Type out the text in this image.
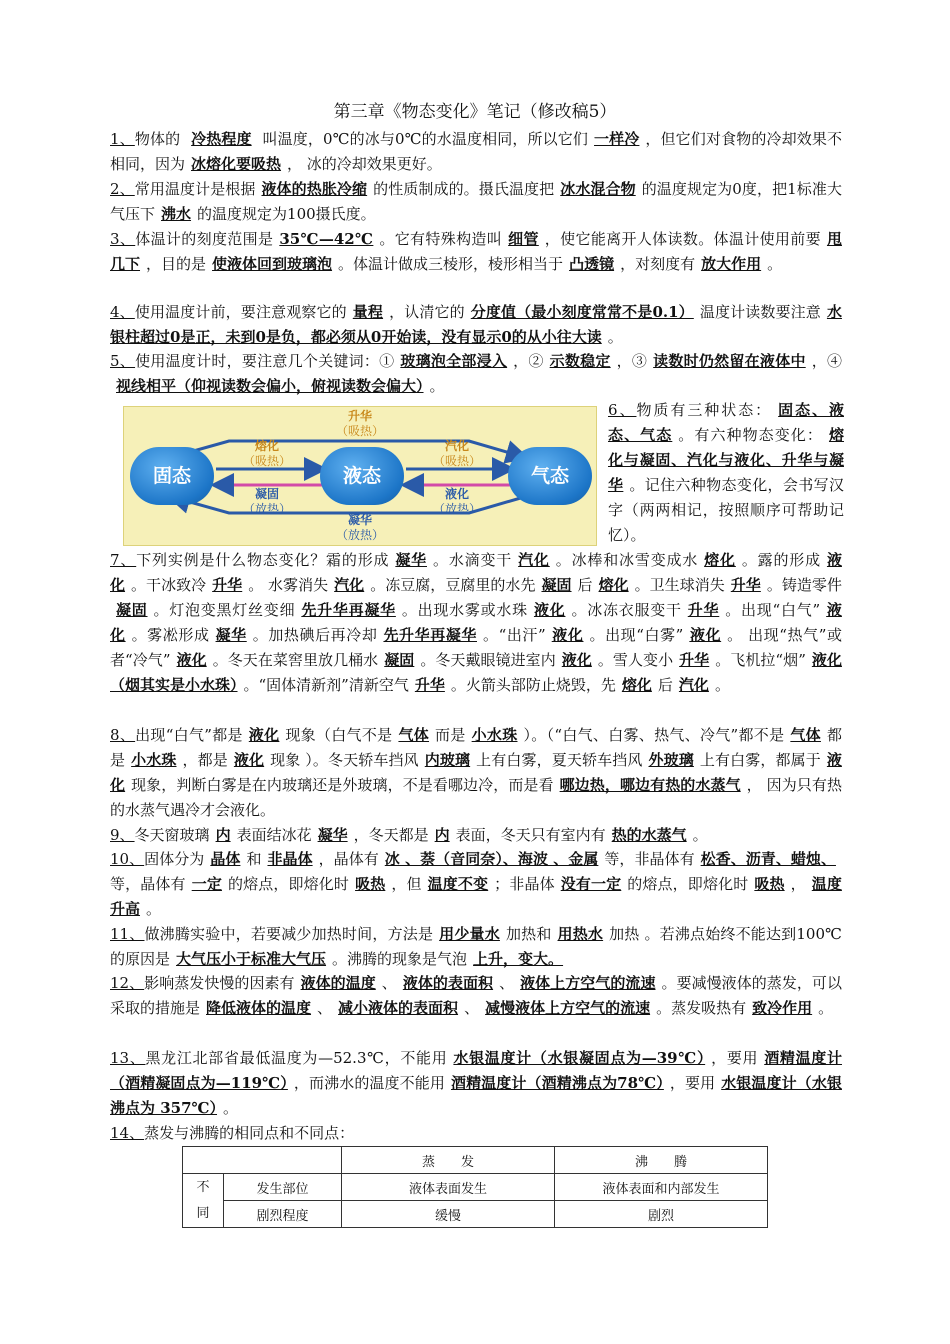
第三章《物态变化》笔记（修改稿5）
1、物体的 冷热程度 叫温度，0℃的冰与0℃的水温度相同，所以它们 一样冷 ，但它们对食物的冷却效果不相同，因为 冰熔化要吸热 ， 冰的冷却效果更好。
2、常用温度计是根据 液体的热胀冷缩 的性质制成的。摄氏温度把 冰水混合物 的温度规定为0度，把1标准大气压下 沸水 的温度规定为100摄氏度。
3、体温计的刻度范围是 35℃—42℃ 。它有特殊构造叫 细管 ，使它能离开人体读数。体温计使用前要 甩几下 ，目的是 使液体回到玻璃泡 。体温计做成三棱形，棱形相当于 凸透镜 ，对刻度有 放大作用 。
4、使用温度计前，要注意观察它的 量程 ，认清它的 分度值（最小刻度常常不是0.1） 温度计读数要注意 水银柱超过0是正，未到0是负，都必须从0开始读，没有显示0的从小往大读 。
5、使用温度计时，要注意几个关键词：① 玻璃泡全部浸入 ，② 示数稳定 ，③ 读数时仍然留在液体中 ，④视线相平（仰视读数会偏小，俯视读数会偏大） 。
6、物质有三种状态： 固态、液态、气态 。有六种物态变化： 熔化与凝固、汽化与液化、升华与凝华 。记住六种物态变化，会书写汉字（两两相记，按照顺序可帮助记忆）。
7、下列实例是什么物态变化？霜的形成 凝华 。水滴变干 汽化 。冰棒和冰雪变成水 熔化 。露的形成 液化 。干冰致冷 升华 。 水雾消失 汽化 。冻豆腐，豆腐里的水先 凝固 后 熔化 。卫生球消失 升华 。铸造零件凝固 。灯泡变黑灯丝变细 先升华再凝华 。出现水雾或水珠 液化 。冰冻衣服变干 升华 。出现“白气” 液化 。雾凇形成 凝华 。加热碘后再冷却 先升华再凝华 。“出汗” 液化 。出现“白雾” 液化 。 出现“热气”或者“冷气” 液化 。冬天在菜窖里放几桶水 凝固 。冬天戴眼镜进室内 液化 。雪人变小 升华 。飞机拉“烟” 液化（烟其实是小水珠） 。“固体清新剂”清新空气 升华 。火箭头部防止烧毁，先 熔化 后 汽化 。
8、出现“白气”都是 液化 现象（白气不是 气体 而是 小水珠 ）。（“白气、白雾、热气、冷气”都不是 气体 都是 小水珠 ，都是 液化 现象 ）。冬天轿车挡风 内玻璃 上有白雾，夏天轿车挡风 外玻璃 上有白雾，都属于 液化 现象，判断白雾是在内玻璃还是外玻璃，不是看哪边冷，而是看 哪边热，哪边有热的水蒸气 ， 因为只有热的水蒸气遇冷才会液化。
9、冬天窗玻璃 内 表面结冰花 凝华 ，冬天都是 内 表面，冬天只有室内有 热的水蒸气 。
10、固体分为 晶体 和 非晶体 ，晶体有 冰 、萘（音同奈）、海波 、金属 等，非晶体有 松香、沥青、蜡烛、等，晶体有 一定 的熔点，即熔化时 吸热 ，但 温度不变 ；非晶体 没有一定 的熔点，即熔化时 吸热 ， 温度升高 。
11、做沸腾实验中，若要减少加热时间，方法是 用少量水 加热和 用热水 加热 。若沸点始终不能达到100℃的原因是 大气压小于标准大气压 。沸腾的现象是气泡 上升，变大。
12、影响蒸发快慢的因素有 液体的温度 、 液体的表面积 、 液体上方空气的流速 。要减慢液体的蒸发，可以采取的措施是 降低液体的温度 、 减小液体的表面积 、 减慢液体上方空气的流速 。蒸发吸热有 致冷作用 。
13、黑龙江北部省最低温度为—52.3℃，不能用 水银温度计（水银凝固点为—39℃） ，要用 酒精温度计（酒精凝固点为—119℃） ，而沸水的温度不能用 酒精温度计（酒精沸点为78℃） ，要用 水银温度计（水银沸点为 357℃） 。
14、蒸发与沸腾的相同点和不同点：
固态	液态	气态
升华
（吸热）
凝华
（放热）
熔化
（吸热）
凝固
（放热）
汽化
（吸热）
液化
（放热）
		蒸　　发	沸　　腾
不
同	发生部位	液体表面发生	液体表面和内部发生
	剧烈程度	缓慢	剧烈
